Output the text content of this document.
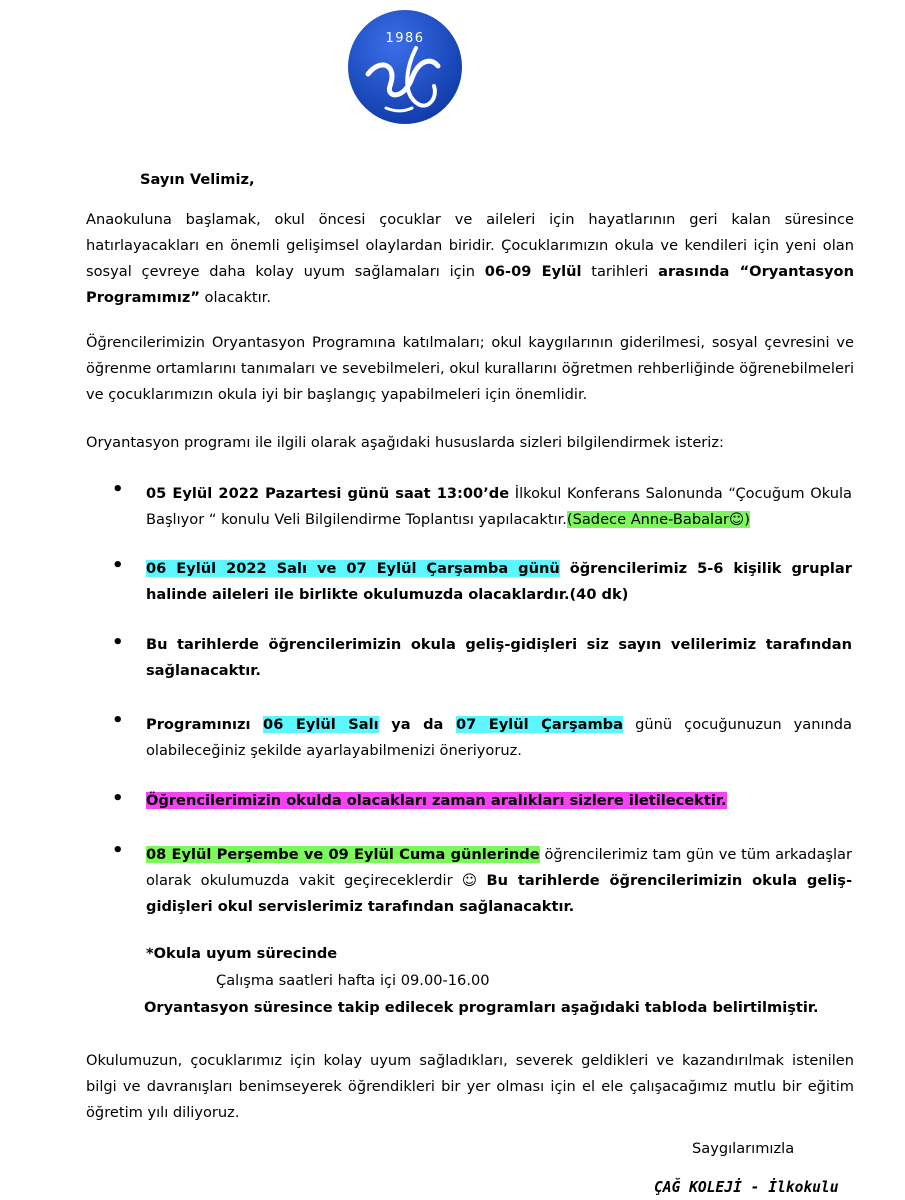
1986
Sayın Velimiz,

Anaokuluna başlamak, okul öncesi çocuklar ve aileleri için hayatlarının geri kalan süresince hatırlayacakları en önemli gelişimsel olaylardan biridir. Çocuklarımızın okula ve kendileri için yeni olan sosyal çevreye daha kolay uyum sağlamaları için 06-09 Eylül tarihleri arasında “Oryantasyon Programımız” olacaktır.

Öğrencilerimizin Oryantasyon Programına katılmaları; okul kaygılarının giderilmesi, sosyal çevresini ve öğrenme ortamlarını tanımaları ve sevebilmeleri, okul kurallarını öğretmen rehberliğinde öğrenebilmeleri ve çocuklarımızın okula iyi bir başlangıç yapabilmeleri için önemlidir.

Oryantasyon programı ile ilgili olarak aşağıdaki hususlarda sizleri bilgilendirmek isteriz:

• 05 Eylül 2022 Pazartesi günü saat 13:00’de İlkokul Konferans Salonunda “Çocuğum Okula Başlıyor “ konulu Veli Bilgilendirme Toplantısı yapılacaktır.(Sadece Anne-Babalar☺)

• 06 Eylül 2022 Salı ve 07 Eylül Çarşamba günü öğrencilerimiz 5-6 kişilik gruplar halinde aileleri ile birlikte okulumuzda olacaklardır.(40 dk)

• Bu tarihlerde öğrencilerimizin okula geliş-gidişleri siz sayın velilerimiz tarafından sağlanacaktır.

• Programınızı 06 Eylül Salı ya da 07 Eylül Çarşamba günü çocuğunuzun yanında olabileceğiniz şekilde ayarlayabilmenizi öneriyoruz.

• Öğrencilerimizin okulda olacakları zaman aralıkları sizlere iletilecektir.

• 08 Eylül Perşembe ve 09 Eylül Cuma günlerinde öğrencilerimiz tam gün ve tüm arkadaşlar olarak okulumuzda vakit geçireceklerdir ☺ Bu tarihlerde öğrencilerimizin okula geliş-gidişleri okul servislerimiz tarafından sağlanacaktır.

*Okula uyum sürecinde
Çalışma saatleri hafta içi 09.00-16.00
Oryantasyon süresince takip edilecek programları aşağıdaki tabloda belirtilmiştir.

Okulumuzun, çocuklarımız için kolay uyum sağladıkları, severek geldikleri ve kazandırılmak istenilen bilgi ve davranışları benimseyerek öğrendikleri bir yer olması için el ele çalışacağımız mutlu bir eğitim öğretim yılı diliyoruz.

Saygılarımızla
ÇAĞ KOLEJİ - İlkokulu
